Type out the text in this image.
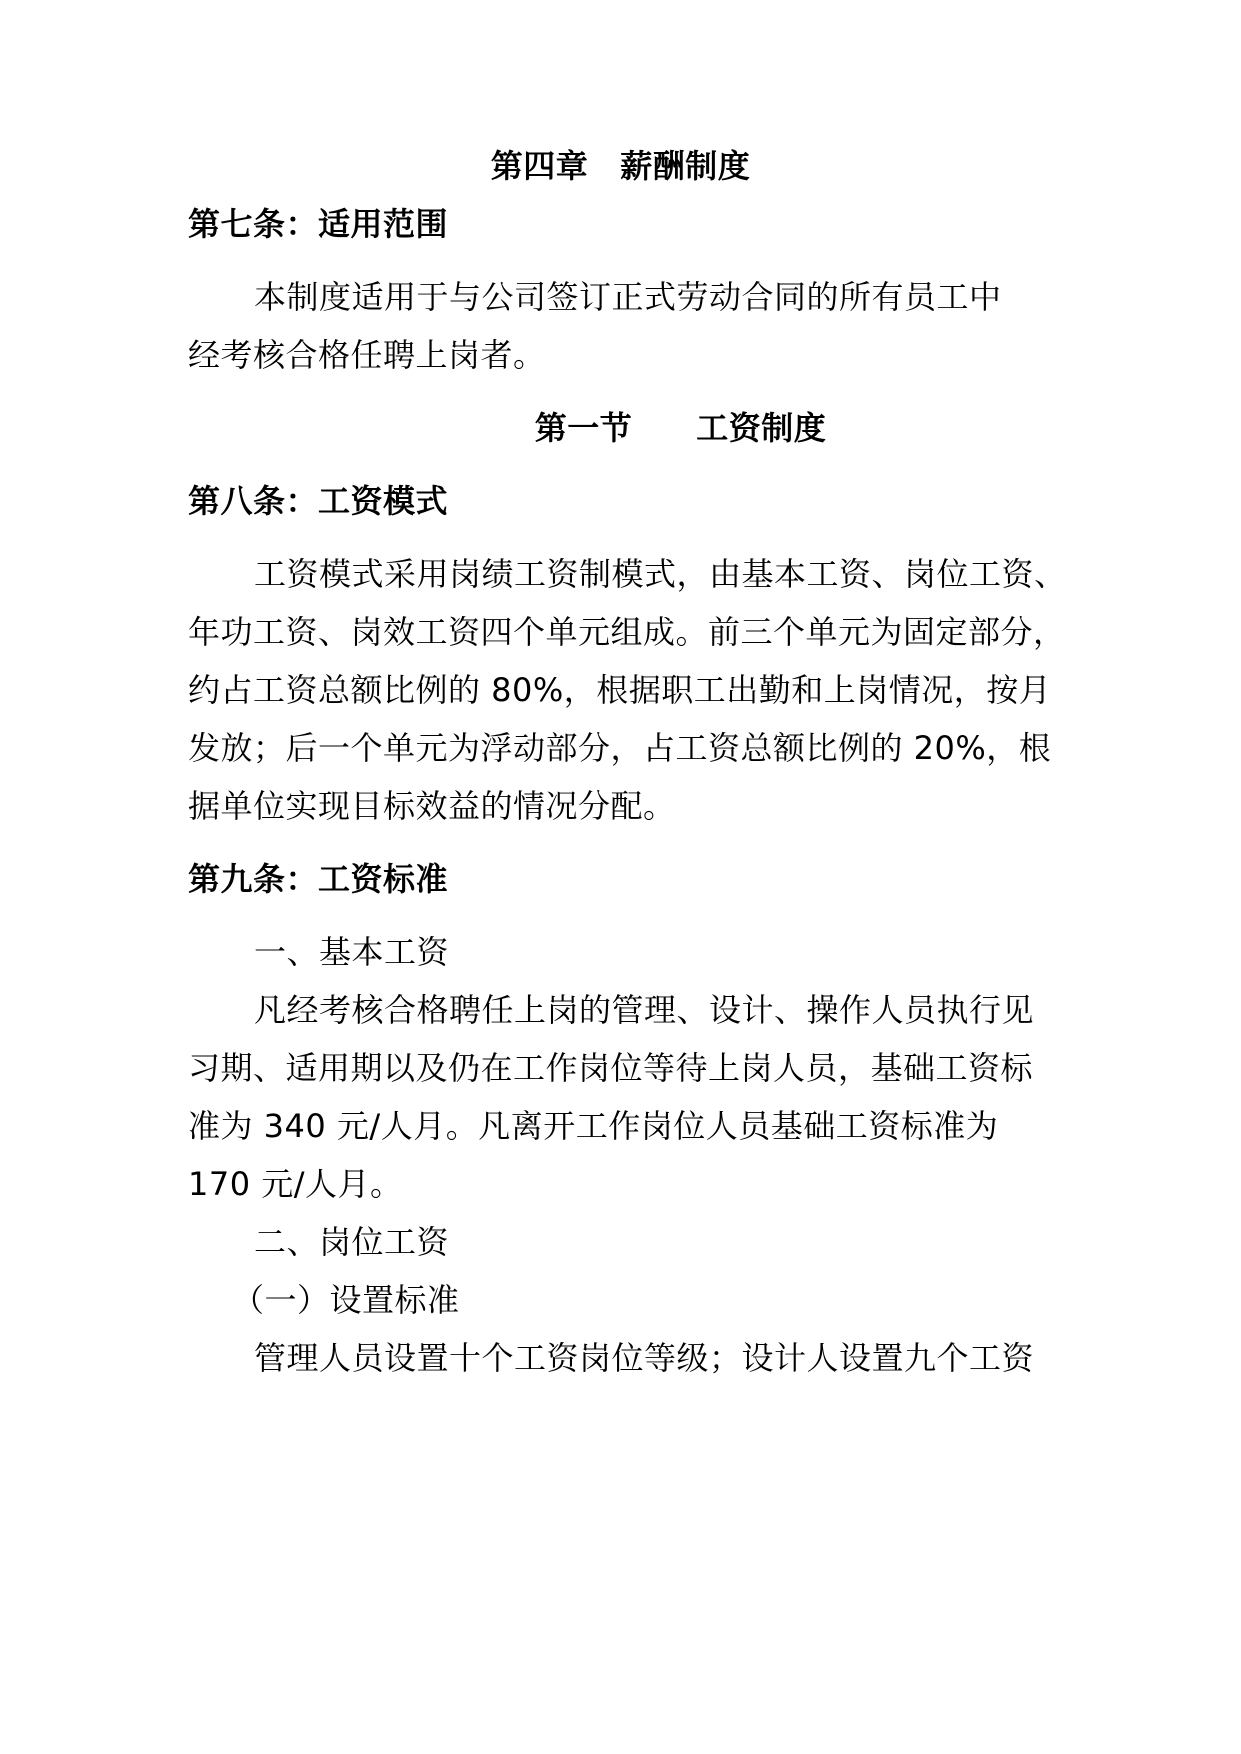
第四章 薪酬制度
第七条：适用范围
本制度适用于与公司签订正式劳动合同的所有员工中
经考核合格任聘上岗者。
第一节 工资制度
第八条：工资模式
工资模式采用岗绩工资制模式，由基本工资、岗位工资、
年功工资、岗效工资四个单元组成。前三个单元为固定部分，
约占工资总额比例的 80%，根据职工出勤和上岗情况，按月
发放；后一个单元为浮动部分，占工资总额比例的 20%，根
据单位实现目标效益的情况分配。
第九条：工资标准
一、基本工资
凡经考核合格聘任上岗的管理、设计、操作人员执行见
习期、适用期以及仍在工作岗位等待上岗人员，基础工资标
准为 340 元/人月。凡离开工作岗位人员基础工资标准为
170 元/人月。
二、岗位工资
（一）设置标准
管理人员设置十个工资岗位等级；设计人设置九个工资
